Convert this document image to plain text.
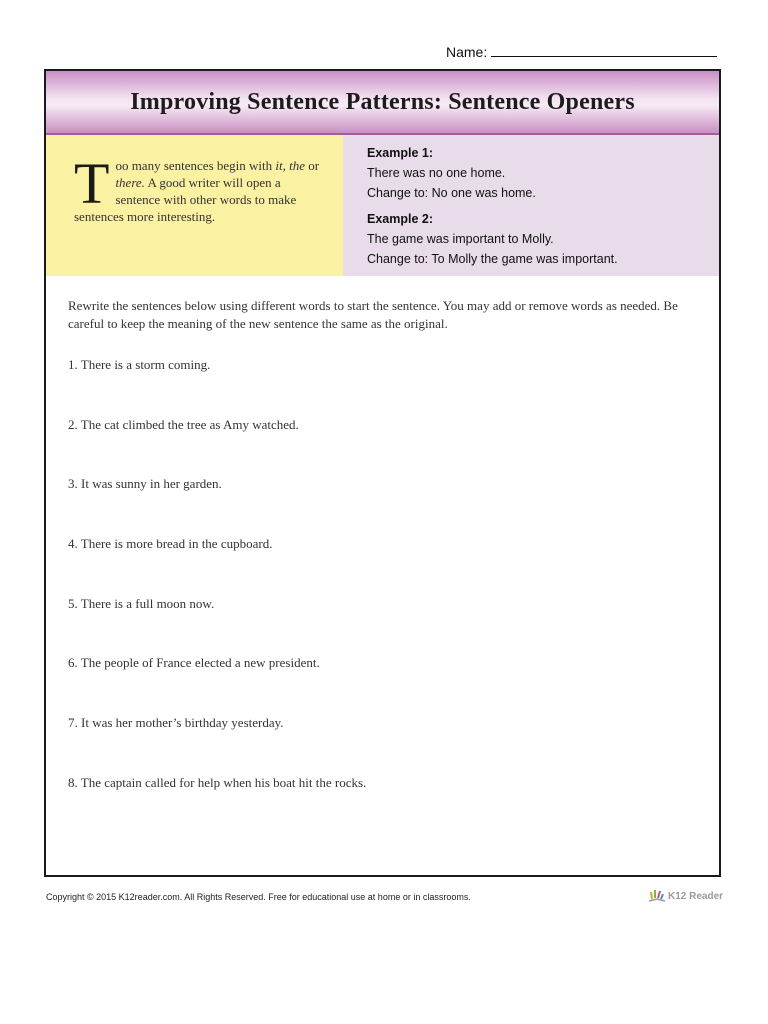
Name:
Improving Sentence Patterns: Sentence Openers
T oo many sentences begin with it, the or there. A good writer will open a sentence with other words to make sentences more interesting.

Example 1:
There was no one home.
Change to: No one was home.
Example 2:
The game was important to Molly.
Change to: To Molly the game was important.

Rewrite the sentences below using different words to start the sentence. You may add or remove words as needed. Be careful to keep the meaning of the new sentence the same as the original.

1. There is a storm coming.
2. The cat climbed the tree as Amy watched.
3. It was sunny in her garden.
4. There is more bread in the cupboard.
5. There is a full moon now.
6. The people of France elected a new president.
7. It was her mother’s birthday yesterday.
8. The captain called for help when his boat hit the rocks.
Copyright © 2015 K12reader.com. All Rights Reserved. Free for educational use at home or in classrooms.	K12 Reader
